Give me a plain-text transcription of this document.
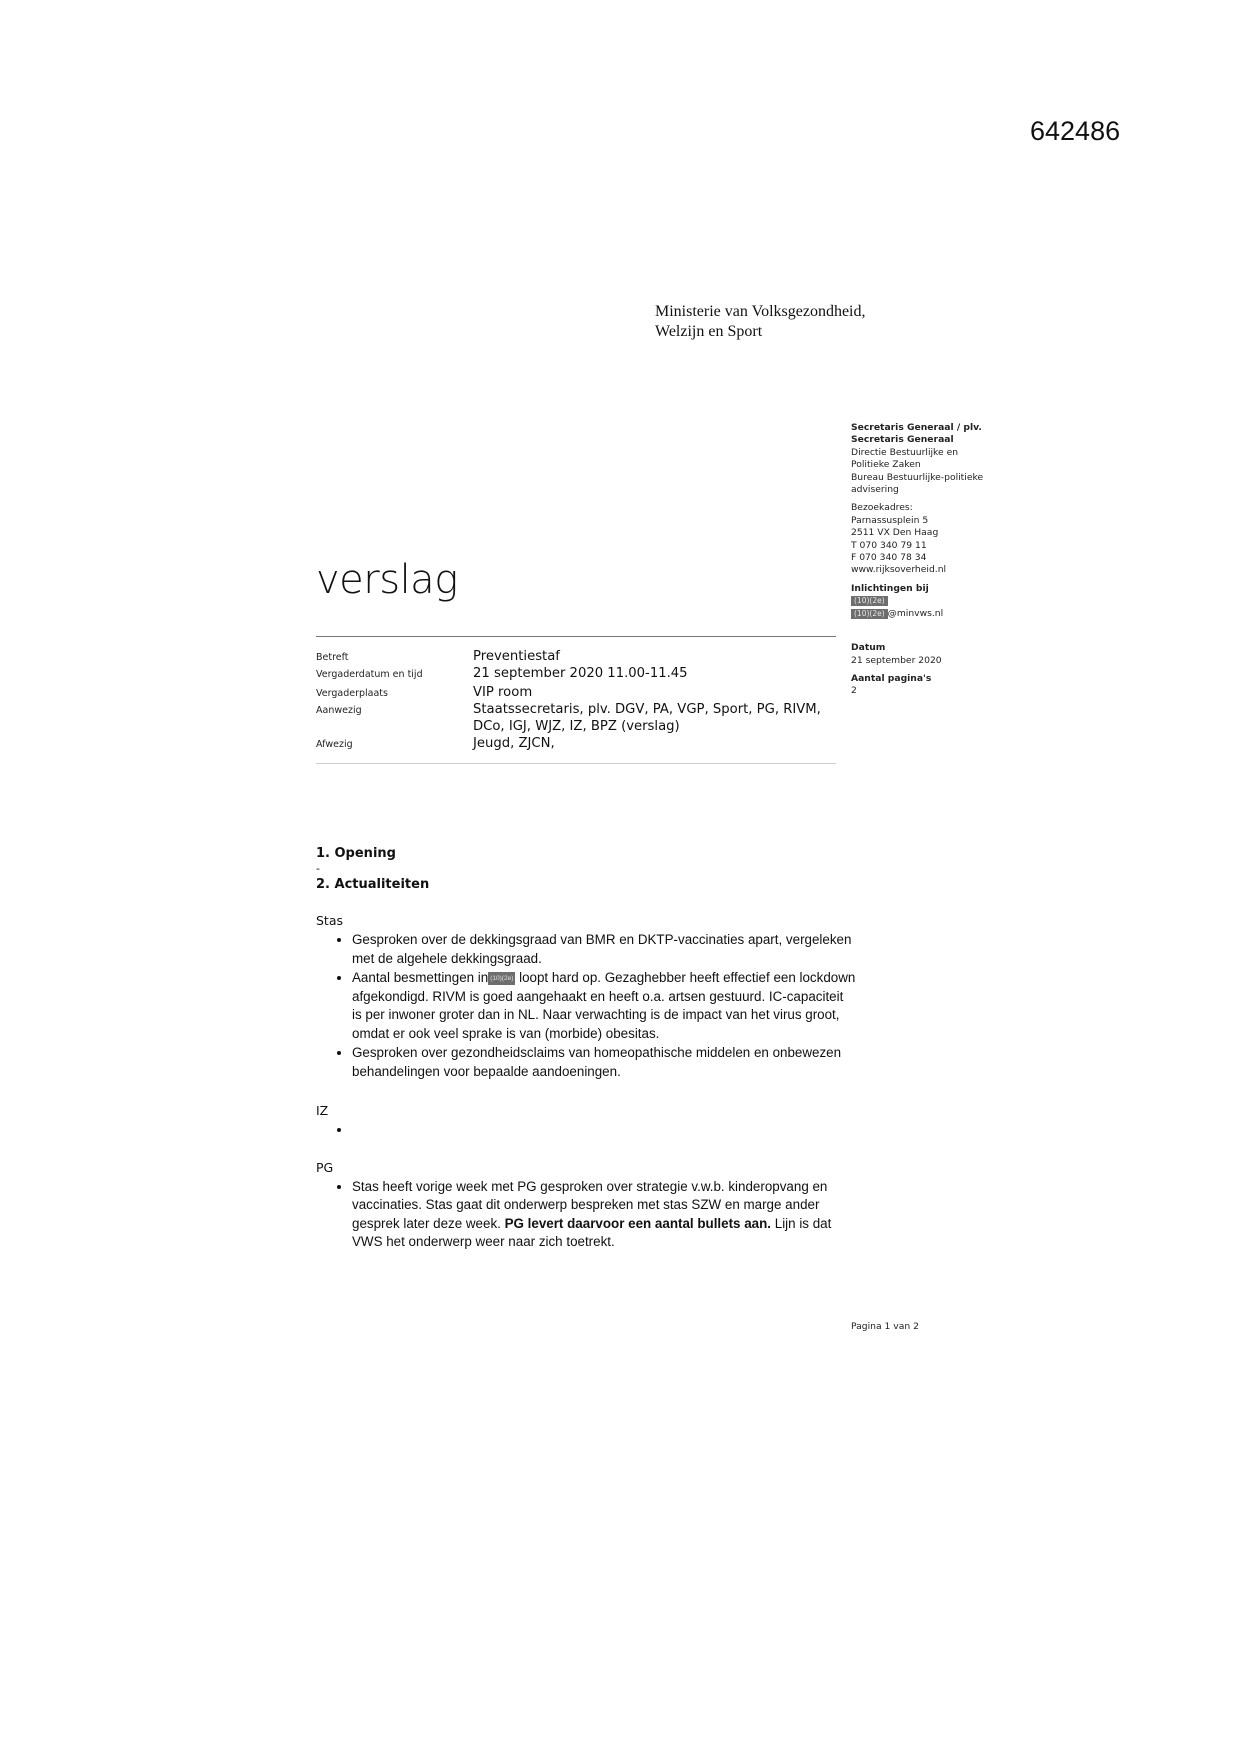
642486
Ministerie van Volksgezondheid,
Welzijn en Sport
Secretaris Generaal / plv.
Secretaris Generaal
Directie Bestuurlijke en
Politieke Zaken
Bureau Bestuurlijke-politieke
advisering
Bezoekadres:
Parnassusplein 5
2511 VX Den Haag
T 070 340 79 11
F 070 340 78 34
www.rijksoverheid.nl
Inlichtingen bij
(10)(2e)
(10)(2e) @minvws.nl
Datum
21 september 2020
Aantal pagina's
2
verslag
Betreft	Preventiestaf
Vergaderdatum en tijd	21 september 2020 11.00-11.45
Vergaderplaats	VIP room
Aanwezig	Staatssecretaris, plv. DGV, PA, VGP, Sport, PG, RIVM,
DCo, IGJ, WJZ, IZ, BPZ (verslag)
Afwezig	Jeugd, ZJCN,
1. Opening
-
2. Actualiteiten
Stas
• Gesproken over de dekkingsgraad van BMR en DKTP-vaccinaties apart, vergeleken met de algehele dekkingsgraad.
• Aantal besmettingen in (10)(2e) loopt hard op. Gezaghebber heeft effectief een lockdown afgekondigd. RIVM is goed aangehaakt en heeft o.a. artsen gestuurd. IC-capaciteit is per inwoner groter dan in NL. Naar verwachting is de impact van het virus groot, omdat er ook veel sprake is van (morbide) obesitas.
• Gesproken over gezondheidsclaims van homeopathische middelen en onbewezen behandelingen voor bepaalde aandoeningen.
IZ
•
PG
• Stas heeft vorige week met PG gesproken over strategie v.w.b. kinderopvang en vaccinaties. Stas gaat dit onderwerp bespreken met stas SZW en marge ander gesprek later deze week. PG levert daarvoor een aantal bullets aan. Lijn is dat VWS het onderwerp weer naar zich toetrekt.
Pagina 1 van 2
